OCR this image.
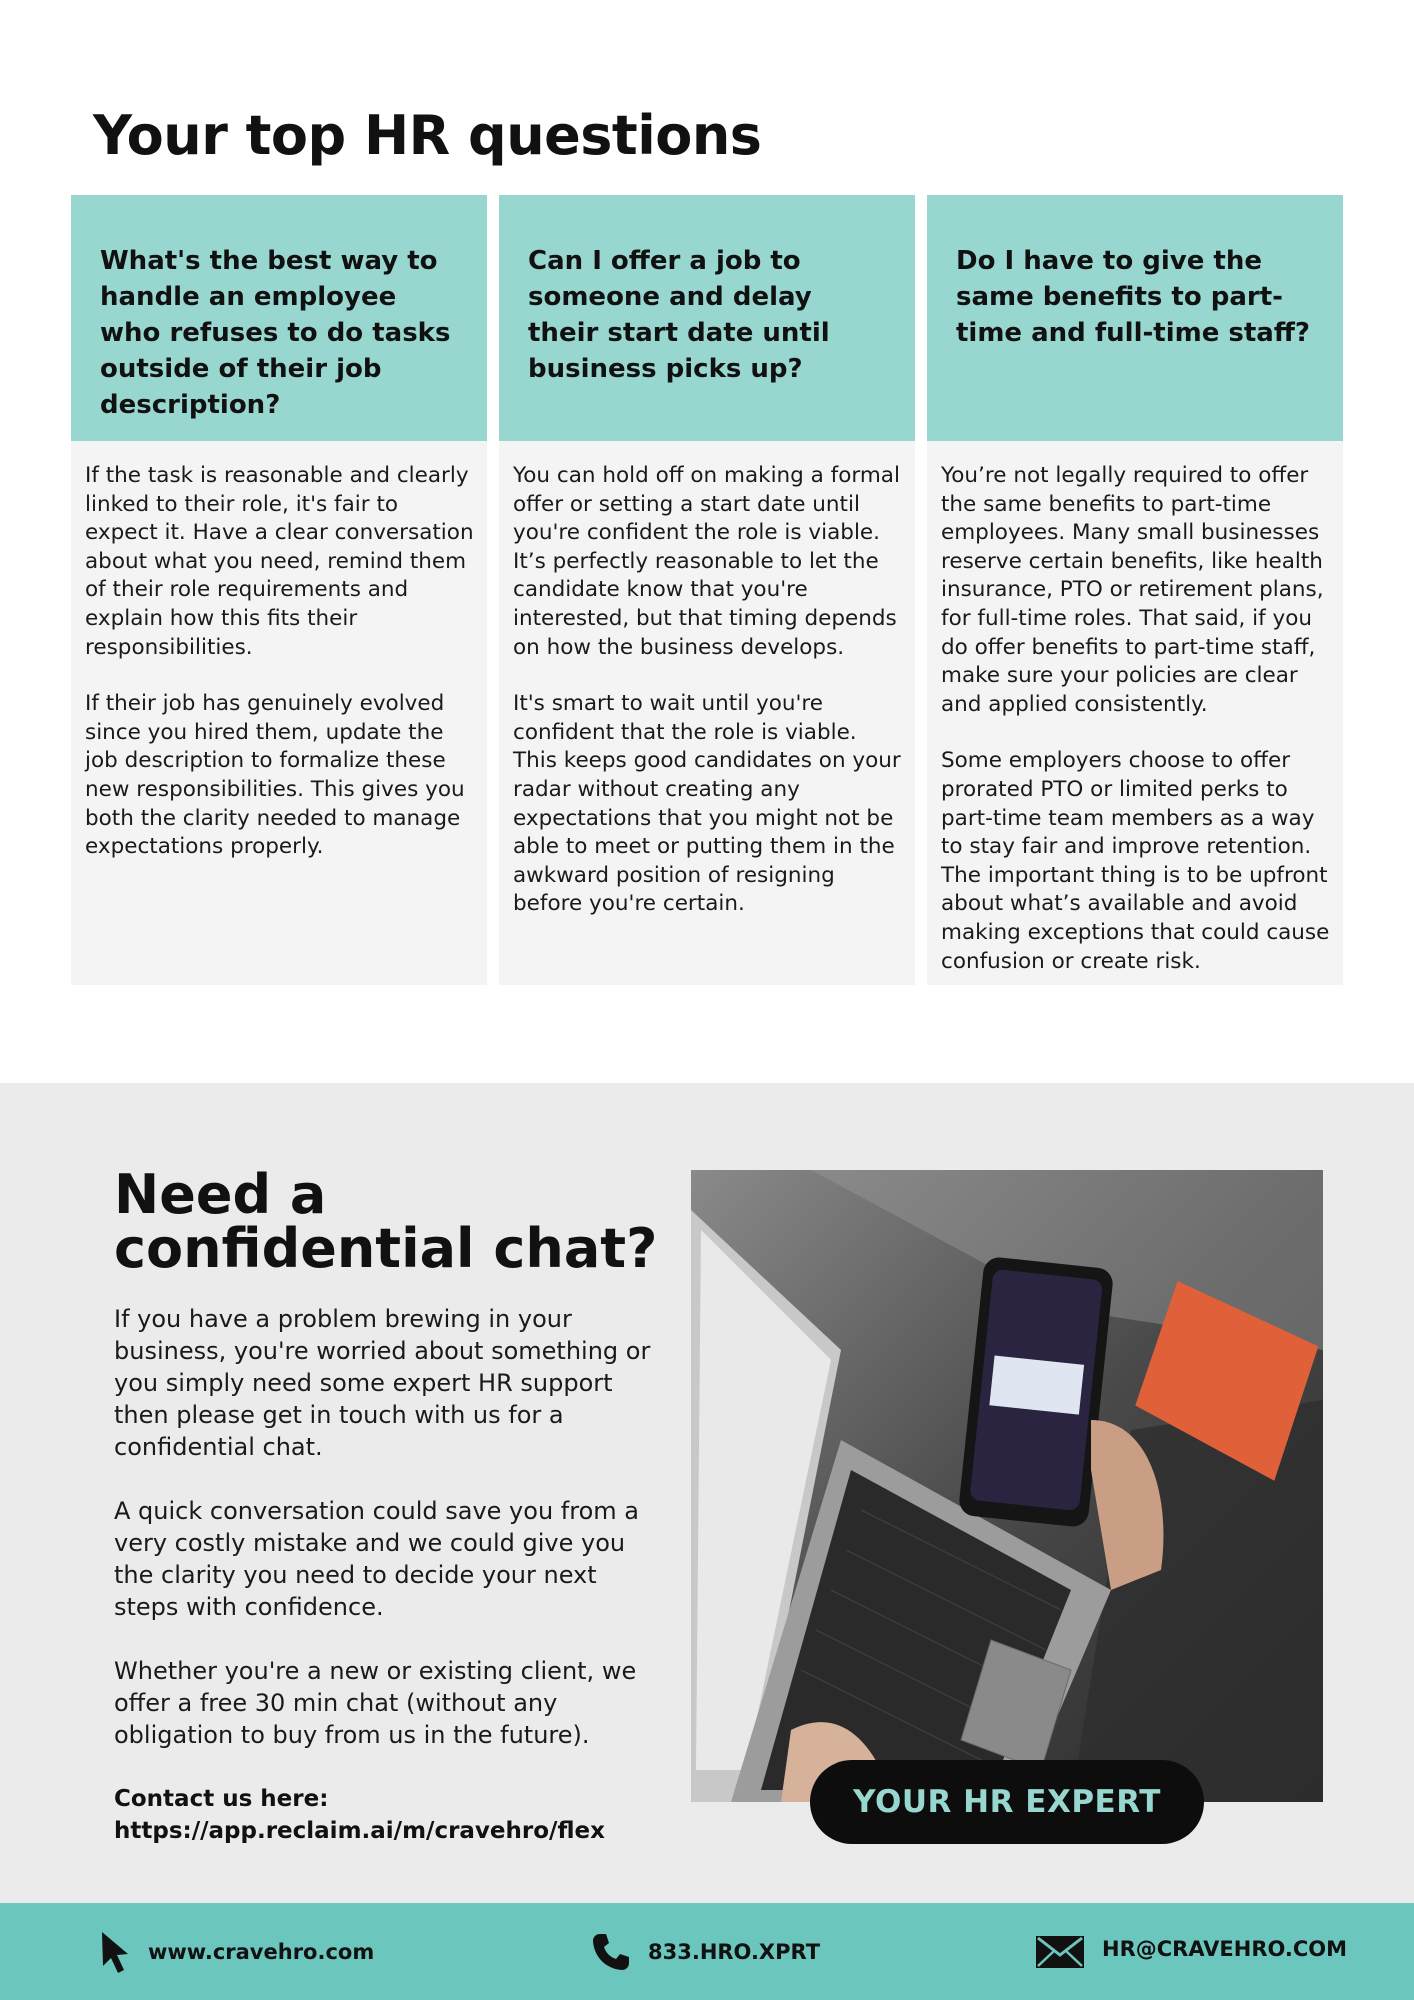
Your top HR questions
What's the best way to handle an employee who refuses to do tasks outside of their job description?

If the task is reasonable and clearly linked to their role, it's fair to expect it. Have a clear conversation about what you need, remind them of their role requirements and explain how this fits their responsibilities.

If their job has genuinely evolved since you hired them, update the job description to formalize these new responsibilities. This gives you both the clarity needed to manage expectations properly.

Can I offer a job to someone and delay their start date until business picks up?

You can hold off on making a formal offer or setting a start date until you're confident the role is viable. It’s perfectly reasonable to let the candidate know that you're interested, but that timing depends on how the business develops.

It's smart to wait until you're confident that the role is viable. This keeps good candidates on your radar without creating any expectations that you might not be able to meet or putting them in the awkward position of resigning before you're certain.

Do I have to give the same benefits to part-time and full-time staff?

You’re not legally required to offer the same benefits to part-time employees. Many small businesses reserve certain benefits, like health insurance, PTO or retirement plans, for full-time roles. That said, if you do offer benefits to part-time staff, make sure your policies are clear and applied consistently.

Some employers choose to offer prorated PTO or limited perks to part-time team members as a way to stay fair and improve retention. The important thing is to be upfront about what’s available and avoid making exceptions that could cause confusion or create risk.

Need a confidential chat?

If you have a problem brewing in your business, you're worried about something or you simply need some expert HR support then please get in touch with us for a confidential chat.

A quick conversation could save you from a very costly mistake and we could give you the clarity you need to decide your next steps with confidence.

Whether you're a new or existing client, we offer a free 30 min chat (without any obligation to buy from us in the future).

Contact us here:
https://app.reclaim.ai/m/cravehro/flex
YOUR HR EXPERT
www.cravehro.com	833.HRO.XPRT	HR@CRAVEHRO.COM
